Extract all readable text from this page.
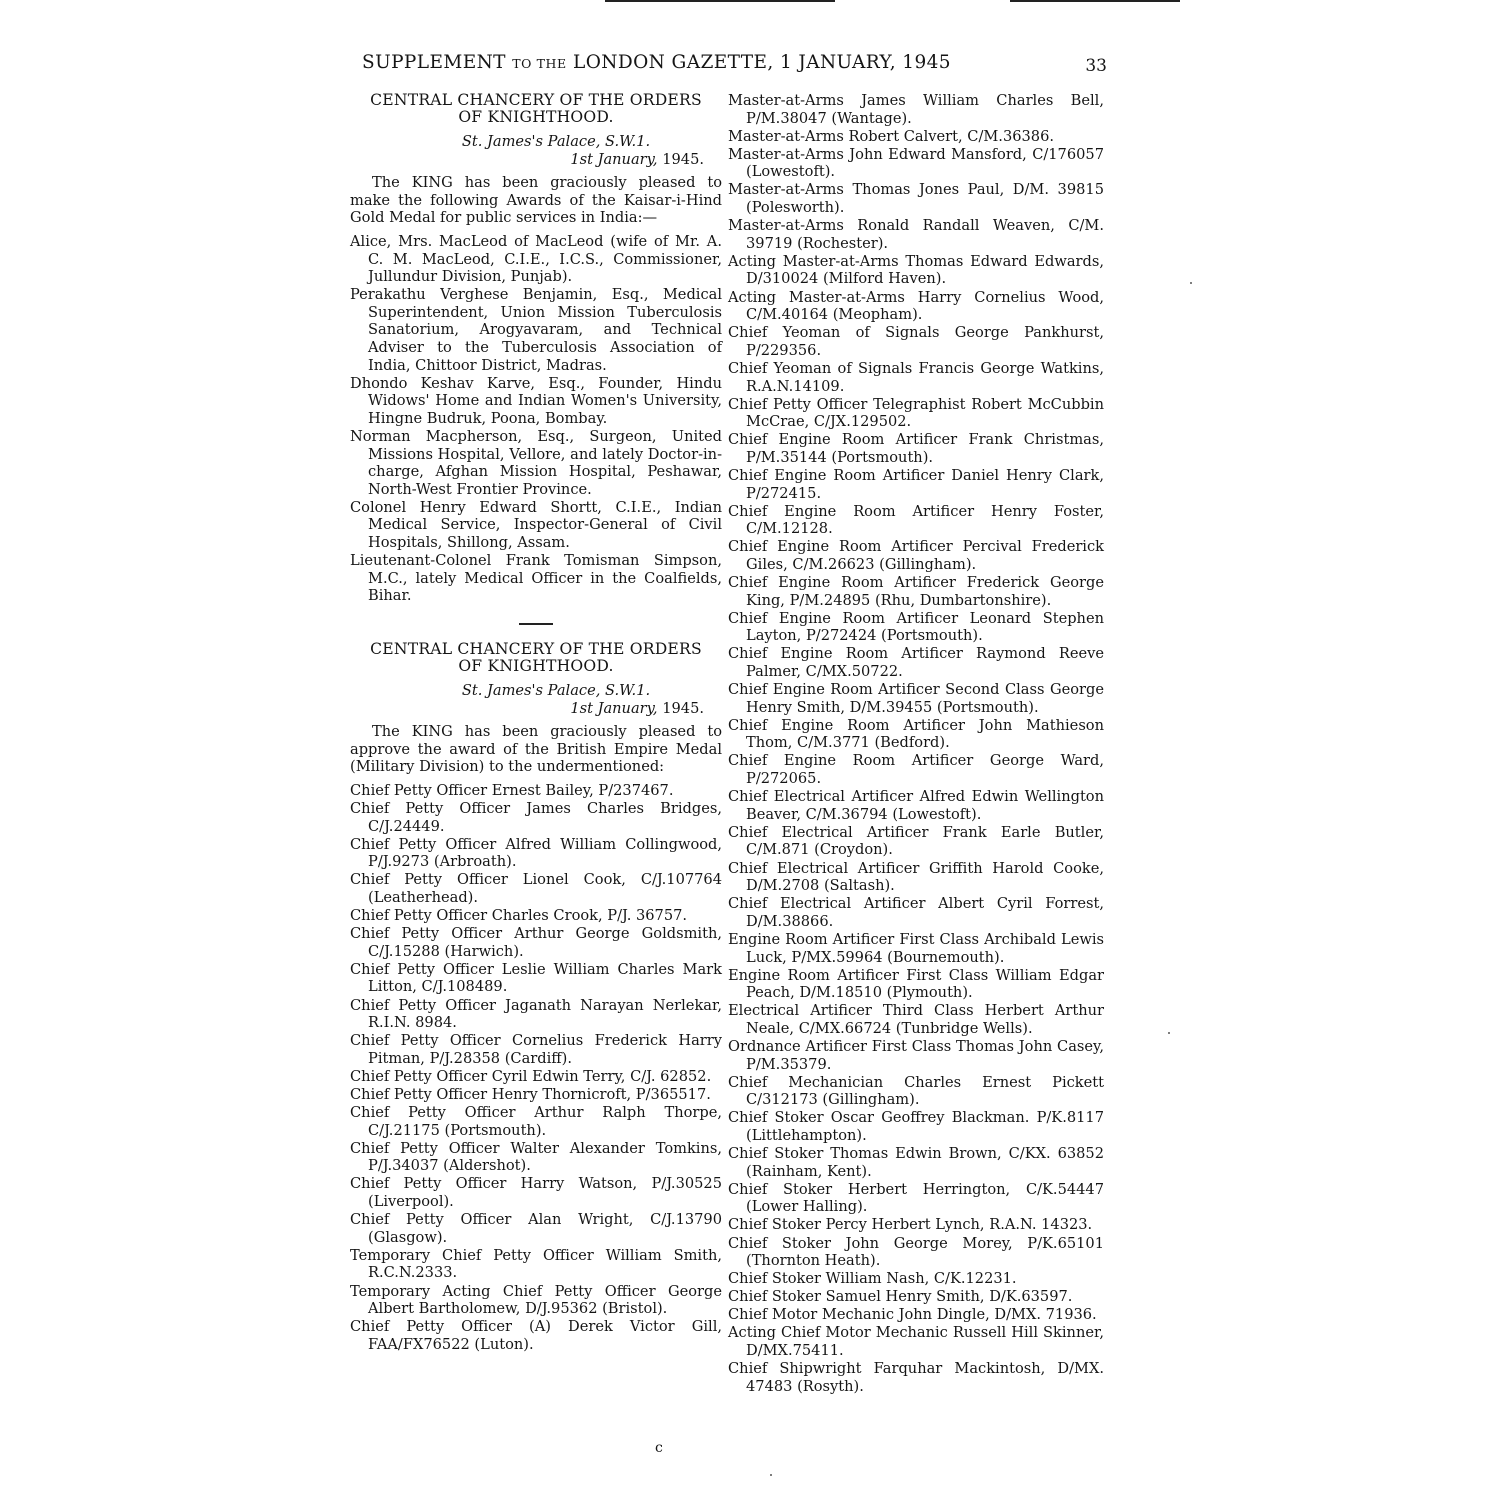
SUPPLEMENT TO THE LONDON GAZETTE, 1 JANUARY, 1945	33
CENTRAL CHANCERY OF THE ORDERS
OF KNIGHTHOOD.
St. James's Palace, S.W.1.
1st January, 1945.

The KING has been graciously pleased to make the following Awards of the Kaisar-i-Hind Gold Medal for public services in India:—

Alice, Mrs. MacLeod of MacLeod (wife of Mr. A. C. M. MacLeod, C.I.E., I.C.S., Commissioner, Jullundur Division, Punjab).

Perakathu Verghese Benjamin, Esq., Medical Superintendent, Union Mission Tuberculosis Sanatorium, Arogyavaram, and Technical Adviser to the Tuberculosis Association of India, Chittoor District, Madras.

Dhondo Keshav Karve, Esq., Founder, Hindu Widows' Home and Indian Women's University, Hingne Budruk, Poona, Bombay.

Norman Macpherson, Esq., Surgeon, United Missions Hospital, Vellore, and lately Doctor-in-charge, Afghan Mission Hospital, Peshawar, North-West Frontier Province.

Colonel Henry Edward Shortt, C.I.E., Indian Medical Service, Inspector-General of Civil Hospitals, Shillong, Assam.

Lieutenant-Colonel Frank Tomisman Simpson, M.C., lately Medical Officer in the Coalfields, Bihar.

CENTRAL CHANCERY OF THE ORDERS
OF KNIGHTHOOD.
St. James's Palace, S.W.1.
1st January, 1945.

The KING has been graciously pleased to approve the award of the British Empire Medal (Military Division) to the undermentioned:

Chief Petty Officer Ernest Bailey, P/237467.

Chief Petty Officer James Charles Bridges, C/J.24449.

Chief Petty Officer Alfred William Collingwood, P/J.9273 (Arbroath).

Chief Petty Officer Lionel Cook, C/J.107764 (Leatherhead).

Chief Petty Officer Charles Crook, P/J. 36757.

Chief Petty Officer Arthur George Goldsmith, C/J.15288 (Harwich).

Chief Petty Officer Leslie William Charles Mark Litton, C/J.108489.

Chief Petty Officer Jaganath Narayan Nerlekar, R.I.N. 8984.

Chief Petty Officer Cornelius Frederick Harry Pitman, P/J.28358 (Cardiff).

Chief Petty Officer Cyril Edwin Terry, C/J. 62852.

Chief Petty Officer Henry Thornicroft, P/365517.

Chief Petty Officer Arthur Ralph Thorpe, C/J.21175 (Portsmouth).

Chief Petty Officer Walter Alexander Tomkins, P/J.34037 (Aldershot).

Chief Petty Officer Harry Watson, P/J.30525 (Liverpool).

Chief Petty Officer Alan Wright, C/J.13790 (Glasgow).

Temporary Chief Petty Officer William Smith, R.C.N.2333.

Temporary Acting Chief Petty Officer George Albert Bartholomew, D/J.95362 (Bristol).

Chief Petty Officer (A) Derek Victor Gill, FAA/FX76522 (Luton).

Master-at-Arms James William Charles Bell, P/M.38047 (Wantage).

Master-at-Arms Robert Calvert, C/M.36386.

Master-at-Arms John Edward Mansford, C/176057 (Lowestoft).

Master-at-Arms Thomas Jones Paul, D/M. 39815 (Polesworth).

Master-at-Arms Ronald Randall Weaven, C/M. 39719 (Rochester).

Acting Master-at-Arms Thomas Edward Edwards, D/310024 (Milford Haven).

Acting Master-at-Arms Harry Cornelius Wood, C/M.40164 (Meopham).

Chief Yeoman of Signals George Pankhurst, P/229356.

Chief Yeoman of Signals Francis George Watkins, R.A.N.14109.

Chief Petty Officer Telegraphist Robert McCubbin McCrae, C/JX.129502.

Chief Engine Room Artificer Frank Christmas, P/M.35144 (Portsmouth).

Chief Engine Room Artificer Daniel Henry Clark, P/272415.

Chief Engine Room Artificer Henry Foster, C/M.12128.

Chief Engine Room Artificer Percival Frederick Giles, C/M.26623 (Gillingham).

Chief Engine Room Artificer Frederick George King, P/M.24895 (Rhu, Dumbartonshire).

Chief Engine Room Artificer Leonard Stephen Layton, P/272424 (Portsmouth).

Chief Engine Room Artificer Raymond Reeve Palmer, C/MX.50722.

Chief Engine Room Artificer Second Class George Henry Smith, D/M.39455 (Portsmouth).

Chief Engine Room Artificer John Mathieson Thom, C/M.3771 (Bedford).

Chief Engine Room Artificer George Ward, P/272065.

Chief Electrical Artificer Alfred Edwin Wellington Beaver, C/M.36794 (Lowestoft).

Chief Electrical Artificer Frank Earle Butler, C/M.871 (Croydon).

Chief Electrical Artificer Griffith Harold Cooke, D/M.2708 (Saltash).

Chief Electrical Artificer Albert Cyril Forrest, D/M.38866.

Engine Room Artificer First Class Archibald Lewis Luck, P/MX.59964 (Bournemouth).

Engine Room Artificer First Class William Edgar Peach, D/M.18510 (Plymouth).

Electrical Artificer Third Class Herbert Arthur Neale, C/MX.66724 (Tunbridge Wells).

Ordnance Artificer First Class Thomas John Casey, P/M.35379.

Chief Mechanician Charles Ernest Pickett C/312173 (Gillingham).

Chief Stoker Oscar Geoffrey Blackman. P/K.8117 (Littlehampton).

Chief Stoker Thomas Edwin Brown, C/KX. 63852 (Rainham, Kent).

Chief Stoker Herbert Herrington, C/K.54447 (Lower Halling).

Chief Stoker Percy Herbert Lynch, R.A.N. 14323.

Chief Stoker John George Morey, P/K.65101 (Thornton Heath).

Chief Stoker William Nash, C/K.12231.

Chief Stoker Samuel Henry Smith, D/K.63597.

Chief Motor Mechanic John Dingle, D/MX. 71936.

Acting Chief Motor Mechanic Russell Hill Skinner, D/MX.75411.

Chief Shipwright Farquhar Mackintosh, D/MX. 47483 (Rosyth).

c
